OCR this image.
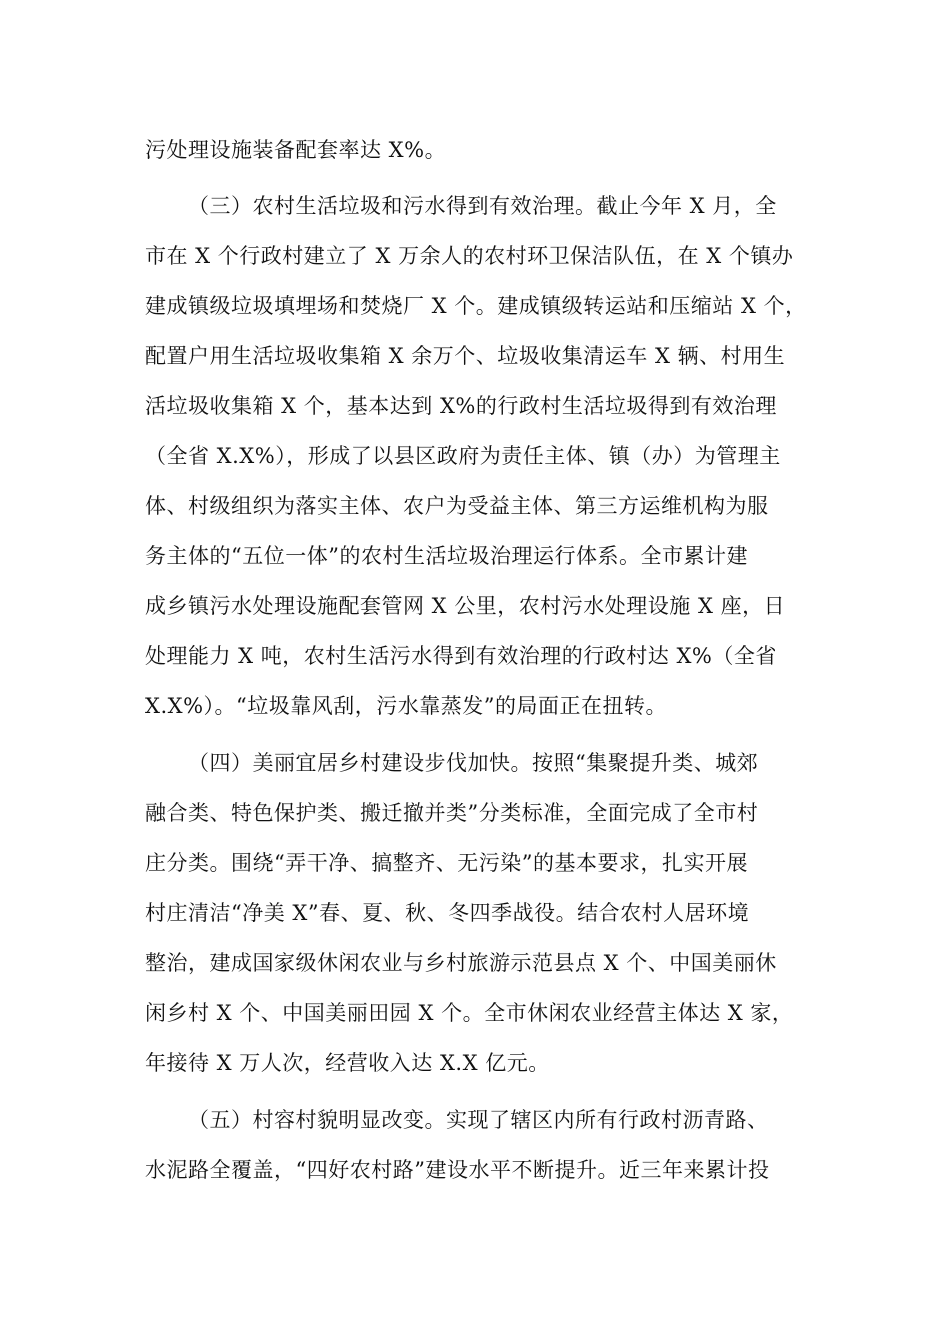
污处理设施装备配套率达 X%。
（三）农村生活垃圾和污水得到有效治理。截止今年 X 月，全
市在 X 个行政村建立了 X 万余人的农村环卫保洁队伍，在 X 个镇办
建成镇级垃圾填埋场和焚烧厂 X 个。建成镇级转运站和压缩站 X 个，
配置户用生活垃圾收集箱 X 余万个、垃圾收集清运车 X 辆、村用生
活垃圾收集箱 X 个，基本达到 X%的行政村生活垃圾得到有效治理
（全省 X.X%），形成了以县区政府为责任主体、镇（办）为管理主
体、村级组织为落实主体、农户为受益主体、第三方运维机构为服
务主体的“五位一体”的农村生活垃圾治理运行体系。全市累计建
成乡镇污水处理设施配套管网 X 公里，农村污水处理设施 X 座，日
处理能力 X 吨，农村生活污水得到有效治理的行政村达 X%（全省
X.X%）。“垃圾靠风刮，污水靠蒸发”的局面正在扭转。
（四）美丽宜居乡村建设步伐加快。按照“集聚提升类、城郊
融合类、特色保护类、搬迁撤并类”分类标准，全面完成了全市村
庄分类。围绕“弄干净、搞整齐、无污染”的基本要求，扎实开展
村庄清洁“净美 X”春、夏、秋、冬四季战役。结合农村人居环境
整治，建成国家级休闲农业与乡村旅游示范县点 X 个、中国美丽休
闲乡村 X 个、中国美丽田园 X 个。全市休闲农业经营主体达 X 家，
年接待 X 万人次，经营收入达 X.X 亿元。
（五）村容村貌明显改变。实现了辖区内所有行政村沥青路、
水泥路全覆盖，“四好农村路”建设水平不断提升。近三年来累计投
